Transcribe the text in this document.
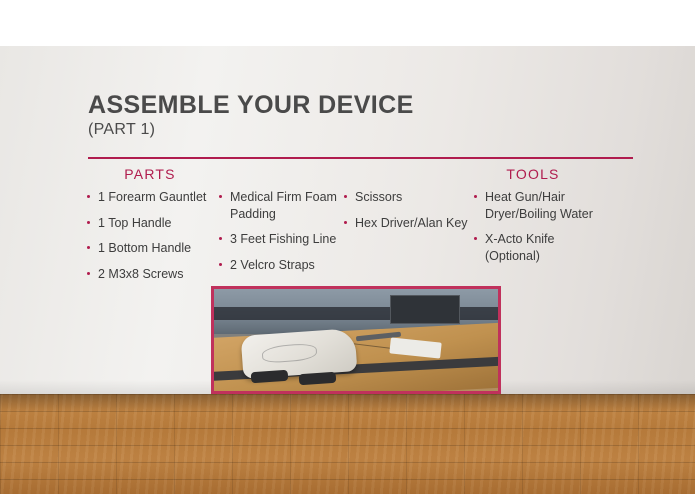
ASSEMBLE YOUR DEVICE
(PART 1)
PARTS
1 Forearm Gauntlet
1 Top Handle
1 Bottom Handle
2 M3x8 Screws
Medical Firm Foam Padding
3 Feet Fishing Line
2 Velcro Straps
Scissors
Hex Driver/Alan Key
TOOLS
Heat Gun/Hair Dryer/Boiling Water
X-Acto Knife (Optional)
